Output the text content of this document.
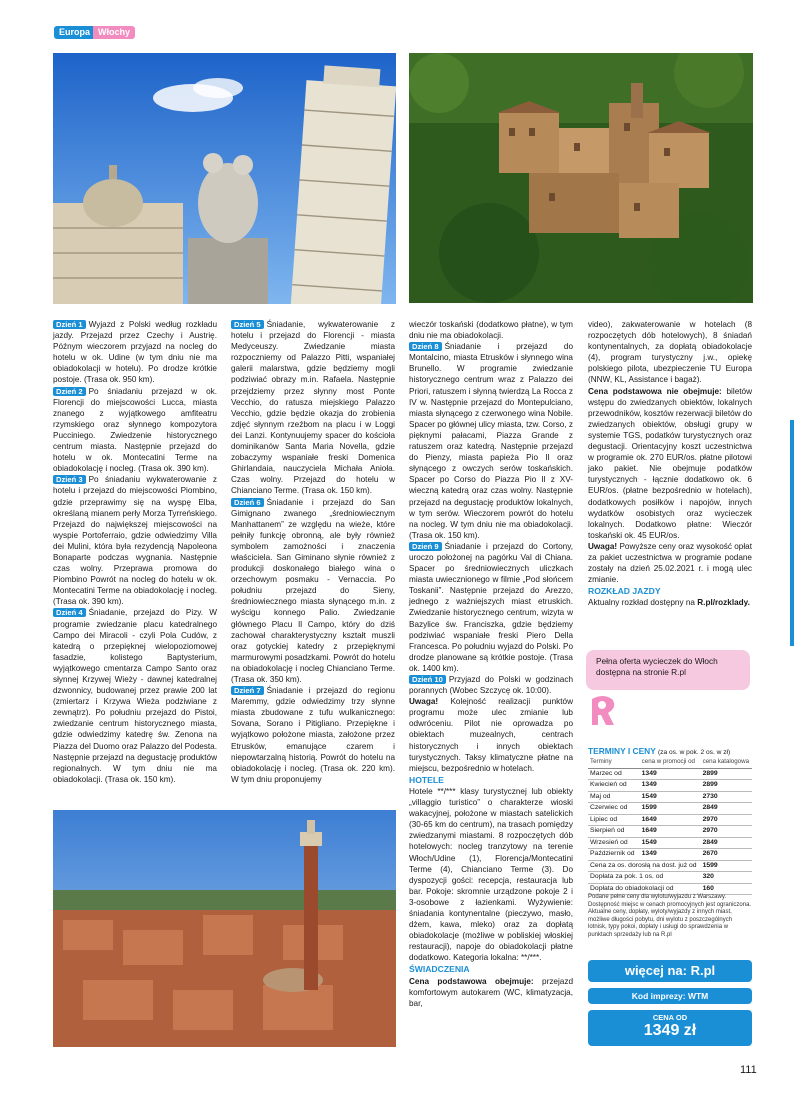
Europa Włochy

Dzień 1 Wyjazd z Polski według rozkładu jazdy. Przejazd przez Czechy i Austrię. Późnym wieczorem przyjazd na nocleg do hotelu w ok. Udine (w tym dniu nie ma obiadokolacji w hotelu). Po drodze krótkie postoje. (Trasa ok. 950 km).

Dzień 2 Po śniadaniu przejazd w ok. Florencji do miejscowości Lucca, miasta znanego z wyjątkowego amfiteatru rzymskiego oraz słynnego kompozytora Pucciniego. Zwiedzenie historycznego centrum miasta. Następnie przejazd do hotelu w ok. Montecatini Terme na obiadokolację i nocleg. (Trasa ok. 390 km).

Dzień 3 Po śniadaniu wykwaterowanie z hotelu i przejazd do miejscowości Piombino, gdzie przeprawimy się na wyspę Elba, określaną mianem perły Morza Tyrreńskiego. Przejazd do największej miejscowości na wyspie Portoferraio, gdzie odwiedzimy Villa dei Mulini, która była rezydencją Napoleona Bonaparte podczas wygnania. Następnie czas wolny. Przeprawa promowa do Piombino Powrót na nocleg do hotelu w ok. Montecatini Terme na obiadokolację i nocleg. (Trasa ok. 390 km).

Dzień 4 Śniadanie, przejazd do Pizy. W programie zwiedzanie placu katedralnego Campo dei Miracoli - czyli Pola Cudów, z katedrą o przepięknej wielopoziomowej fasadzie, kolistego Baptysterium, wyjątkowego cmentarza Campo Santo oraz słynnej Krzywej Wieży - dawnej katedralnej dzwonnicy, budowanej przez prawie 200 lat (zmiertarz i Krzywa Wieża podziwiane z zewnątrz). Po południu przejazd do Pistoi, zwiedzanie centrum historycznego miasta, gdzie odwiedzimy katedrę św. Zenona na Piazza del Duomo oraz Palazzo del Podesta. Następnie przejazd na degustację produktów regionalnych. W tym dniu nie ma obiadokolacji. (Trasa ok. 150 km).

Dzień 5 Śniadanie, wykwaterowanie z hotelu i przejazd do Florencji - miasta Medyceuszy. Zwiedzanie miasta rozpoczniemy od Palazzo Pitti, wspaniałej galerii malarstwa, gdzie będziemy mogli podziwiać obrazy m.in. Rafaela. Następnie przejdziemy przez słynny most Ponte Vecchio, do ratusza miejskiego Palazzo Vecchio, gdzie będzie okazja do zrobienia zdjęć słynnym rzeźbom na placu i w Loggi dei Lanzi. Kontynuujemy spacer do kościoła dominikanów Santa Maria Novella, gdzie zobaczymy wspaniałe freski Domenica Ghirlandaia, nauczyciela Michała Anioła. Czas wolny. Przejazd do hotelu w Chianciano Terme. (Trasa ok. 150 km).

Dzień 6 Śniadanie i przejazd do San Gimignano zwanego „średniowiecznym Manhattanem” ze względu na wieże, które pełniły funkcję obronną, ale były również symbolem zamożności i znaczenia właściciela. San Giminano słynie również z produkcji doskonałego białego wina o orzechowym posmaku - Vernaccia. Po południu przejazd do Sieny, średniowiecznego miasta słynącego m.in. z wyścigu konnego Palio. Zwiedzanie głównego Placu Il Campo, który do dziś zachował charakterystyczny kształt muszli oraz gotyckiej katedry z przepięknymi marmurowymi posadzkami. Powrót do hotelu na obiadokolację i nocleg Chianciano Terme. (Trasa ok. 350 km).

Dzień 7 Śniadanie i przejazd do regionu Maremmy, gdzie odwiedzimy trzy słynne miasta zbudowane z tufu wulkanicznego: Sovana, Sorano i Pitigliano. Przepiękne i wyjątkowo położone miasta, założone przez Etrusków, emanujące czarem i niepowtarzalną historią. Powrót do hotelu na obiadokolację i nocleg. (Trasa ok. 220 km). W tym dniu proponujemy

wieczór toskański (dodatkowo płatne), w tym dniu nie ma obiadokolacji.

Dzień 8 Śniadanie i przejazd do Montalcino, miasta Etrusków i słynnego wina Brunello. W programie zwiedzanie historycznego centrum wraz z Palazzo dei Priori, ratuszem i słynną twierdzą La Rocca z IV w. Następnie przejazd do Montepulciano, miasta słynącego z czerwonego wina Nobile. Spacer po głównej ulicy miasta, tzw. Corso, z pięknymi pałacami, Piazza Grande z ratuszem oraz katedrą. Następnie przejazd do Pienzy, miasta papieża Pio II oraz słynącego z owczych serów toskańskich. Spacer po Corso do Piazza Pio II z XV-wieczną katedrą oraz czas wolny. Następnie przejazd na degustację produktów lokalnych, w tym serów. Wieczorem powrót do hotelu na nocleg. W tym dniu nie ma obiadokolacji. (Trasa ok. 150 km).

Dzień 9 Śniadanie i przejazd do Cortony, uroczo położonej na pagórku Val di Chiana. Spacer po średniowiecznych uliczkach miasta uwiecznionego w filmie „Pod słońcem Toskanii”. Następnie przejazd do Arezzo, jednego z ważniejszych miast etruskich. Zwiedzanie historycznego centrum, wizyta w Bazylice św. Franciszka, gdzie będziemy podziwiać wspaniałe freski Piero Della Francesca. Po południu wyjazd do Polski. Po drodze planowane są krótkie postoje. (Trasa ok. 1400 km).

Dzień 10 Przyjazd do Polski w godzinach porannych (Wobec Szczycę ok. 10:00).

Uwaga! Kolejność realizacji punktów programu może ulec zmianie lub odwróceniu. Pilot nie oprowadza po obiektach muzealnych, centrach historycznych i innych obiektach turystycznych. Taksy klimatyczne płatne na miejscu, bezpośrednio w hotelach.

HOTELE

Hotele **/*** klasy turystycznej lub obiekty „villaggio turistico” o charakterze wioski wakacyjnej, położone w miastach satelickich (30-65 km do centrum), na trasach pomiędzy zwiedzanymi miastami. 8 rozpoczętych dób hotelowych: nocleg tranzytowy na terenie Włoch/Udine (1), Florencja/Montecatini Terme (4), Chianciano Terme (3). Do dyspozycji gości: recepcja, restauracja lub bar. Pokoje: skromnie urządzone pokoje 2 i 3-osobowe z łazienkami. Wyżywienie: śniadania kontynentalne (pieczywo, masło, dżem, kawa, mleko) oraz za dopłatą obiadokolacje (możliwe w pobliskiej włoskiej restauracji), napoje do obiadokolacji płatne dodatkowo. Kategoria lokalna: **/***.

ŚWIADCZENIA

Cena podstawowa obejmuje: przejazd komfortowym autokarem (WC, klimatyzacja, bar,

video), zakwaterowanie w hotelach (8 rozpoczętych dób hotelowych), 8 śniadań kontynentalnych, za dopłatą obiadokolacje (4), program turystyczny j.w., opiekę polskiego pilota, ubezpieczenie TU Europa (NNW, KL, Assistance i bagaż).

Cena podstawowa nie obejmuje: biletów wstępu do zwiedzanych obiektów, lokalnych przewodników, kosztów rezerwacji biletów do zwiedzanych obiektów, obsługi grupy w systemie TGS, podatków turystycznych oraz degustacji. Orientacyjny koszt uczestnictwa w programie ok. 270 EUR/os. płatne pilotowi jako pakiet. Nie obejmuje podatków turystycznych - łącznie dodatkowo ok. 6 EUR/os. (płatne bezpośrednio w hotelach), dodatkowych posiłków i napojów, innych wydatków osobistych oraz wycieczek lokalnych. Dodatkowo płatne: Wieczór toskański ok. 45 EUR/os.

Uwaga! Powyższe ceny oraz wysokość opłat za pakiet uczestnictwa w programie podane zostały na dzień 25.02.2021 r. i mogą ulec zmianie.

ROZKŁAD JAZDY

Aktualny rozkład dostępny na R.pl/rozklady.

Pełna oferta wycieczek do Włoch dostępna na stronie R.pl
TERMINY I CENY (za os. w pok. 2 os. w zł)
Terminy	cena w promocji od	cena katalogowa
Marzec od	1349	2899
Kwiecień od	1349	2899
Maj od	1549	2730
Czerwiec od	1599	2849
Lipiec od	1649	2970
Sierpień od	1649	2970
Wrzesień od	1549	2849
Październik od	1349	2670
Cena za os. dorosłą na dost. już od		1599
Dopłata za pok. 1 os. od		320
Dopłata do obiadokolacji od		160
Podane pełne ceny dla wylotu/wyjazdu z Warszawy. Dostępność miejsc w cenach promocyjnych jest ograniczona. Aktualne ceny, dopłaty, wyloty/wyjazdy z innych miast, możliwe długości pobytu, dni wylotu z poszczególnych lotnisk, typy pokoi, dopłaty i usługi do sprawdzenia w punktach sprzedaży lub na R.pl
więcej na: R.pl
Kod imprezy: WTM
CENA OD
1349 zł
111
